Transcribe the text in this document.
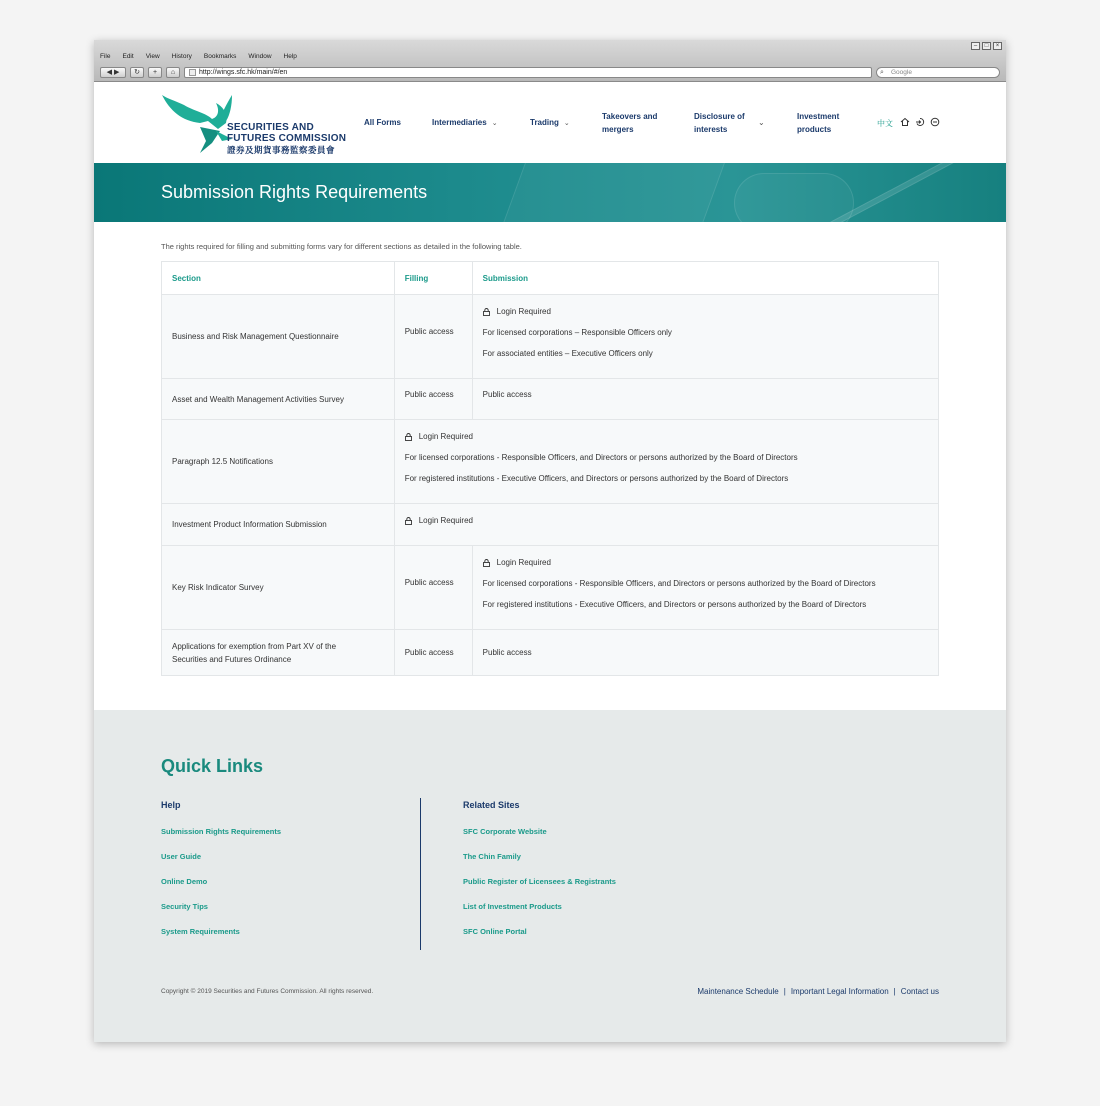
–	□	×
File Edit View History Bookmarks Window Help
◀ ▶	↻	+	⌂	http://wings.sfc.hk/main/#/en	⌕ Google
SECURITIES AND
FUTURES COMMISSION
證券及期貨事務監察委員會
All Forms	Intermediaries ⌄	Trading ⌄
Takeovers and
mergers
Disclosure of
interests
⌄
Investment
products
中文
Submission Rights Requirements
The rights required for filling and submitting forms vary for different sections as detailed in the following table.
Section	Filling	Submission
Business and Risk Management Questionnaire	Public access	Login Required
For licensed corporations – Responsible Officers only
For associated entities – Executive Officers only

Asset and Wealth Management Activities Survey	Public access	Public access
Paragraph 12.5 Notifications	Login Required
For licensed corporations - Responsible Officers, and Directors or persons authorized by the Board of Directors
For registered institutions - Executive Officers, and Directors or persons authorized by the Board of Directors	

Investment Product Information Submission	Login Required	

Key Risk Indicator Survey	Public access	Login Required
For licensed corporations - Responsible Officers, and Directors or persons authorized by the Board of Directors
For registered institutions - Executive Officers, and Directors or persons authorized by the Board of Directors

Applications for exemption from Part XV of the
Securities and Futures Ordinance	Public access	Public access
Quick Links
Help
Submission Rights Requirements
User Guide
Online Demo
Security Tips
System Requirements
Related Sites
SFC Corporate Website
The Chin Family
Public Register of Licensees & Registrants
List of Investment Products
SFC Online Portal
Copyright © 2019 Securities and Futures Commission. All rights reserved.	Maintenance Schedule | Important Legal Information | Contact us
